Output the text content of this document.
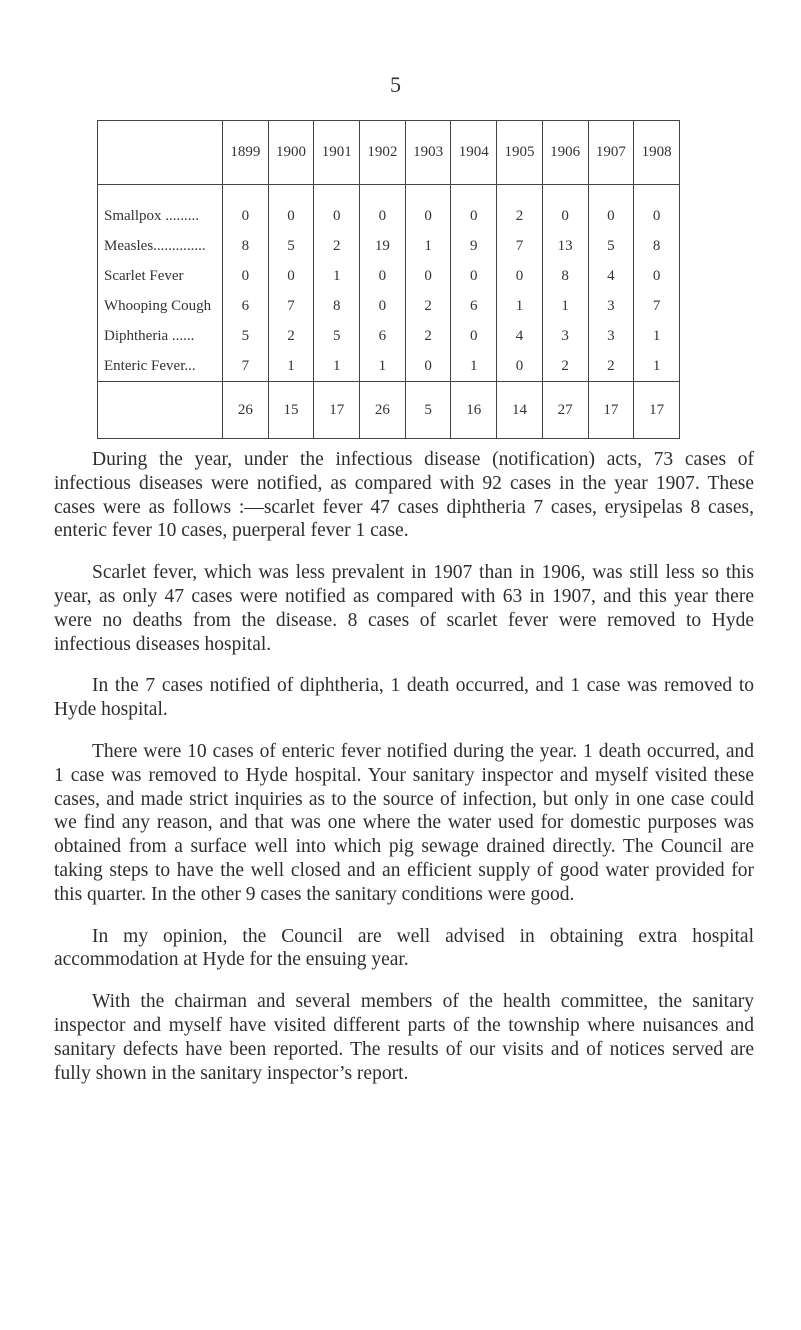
5
	1899	1900	1901	1902	1903	1904	1905	1906	1907	1908
Smallpox .........	0	0	0	0	0	0	2	0	0	0
Measles..............	8	5	2	19	1	9	7	13	5	8
Scarlet Fever	0	0	1	0	0	0	0	8	4	0
Whooping Cough	6	7	8	0	2	6	1	1	3	7
Diphtheria ......	5	2	5	6	2	0	4	3	3	1
Enteric Fever...	7	1	1	1	0	1	0	2	2	1
	26	15	17	26	5	16	14	27	17	17

During the year, under the infectious disease (notification) acts, 73 cases of infectious diseases were notified, as compared with 92 cases in the year 1907. These cases were as follows :—scarlet fever 47 cases diphtheria 7 cases, erysipelas 8 cases, enteric fever 10 cases, puerperal fever 1 case.

Scarlet fever, which was less prevalent in 1907 than in 1906, was still less so this year, as only 47 cases were notified as compared with 63 in 1907, and this year there were no deaths from the disease. 8 cases of scarlet fever were removed to Hyde infectious diseases hospital.

In the 7 cases notified of diphtheria, 1 death occurred, and 1 case was removed to Hyde hospital.

There were 10 cases of enteric fever notified during the year. 1 death occurred, and 1 case was removed to Hyde hospital. Your sanitary inspector and myself visited these cases, and made strict inquiries as to the source of infection, but only in one case could we find any reason, and that was one where the water used for domestic purposes was obtained from a surface well into which pig sewage drained directly. The Council are taking steps to have the well closed and an efficient supply of good water provided for this quarter. In the other 9 cases the sanitary conditions were good.

In my opinion, the Council are well advised in obtaining extra hospital accommodation at Hyde for the ensuing year.

With the chairman and several members of the health committee, the sanitary inspector and myself have visited different parts of the township where nuisances and sanitary defects have been reported. The results of our visits and of notices served are fully shown in the sanitary inspector’s report.
